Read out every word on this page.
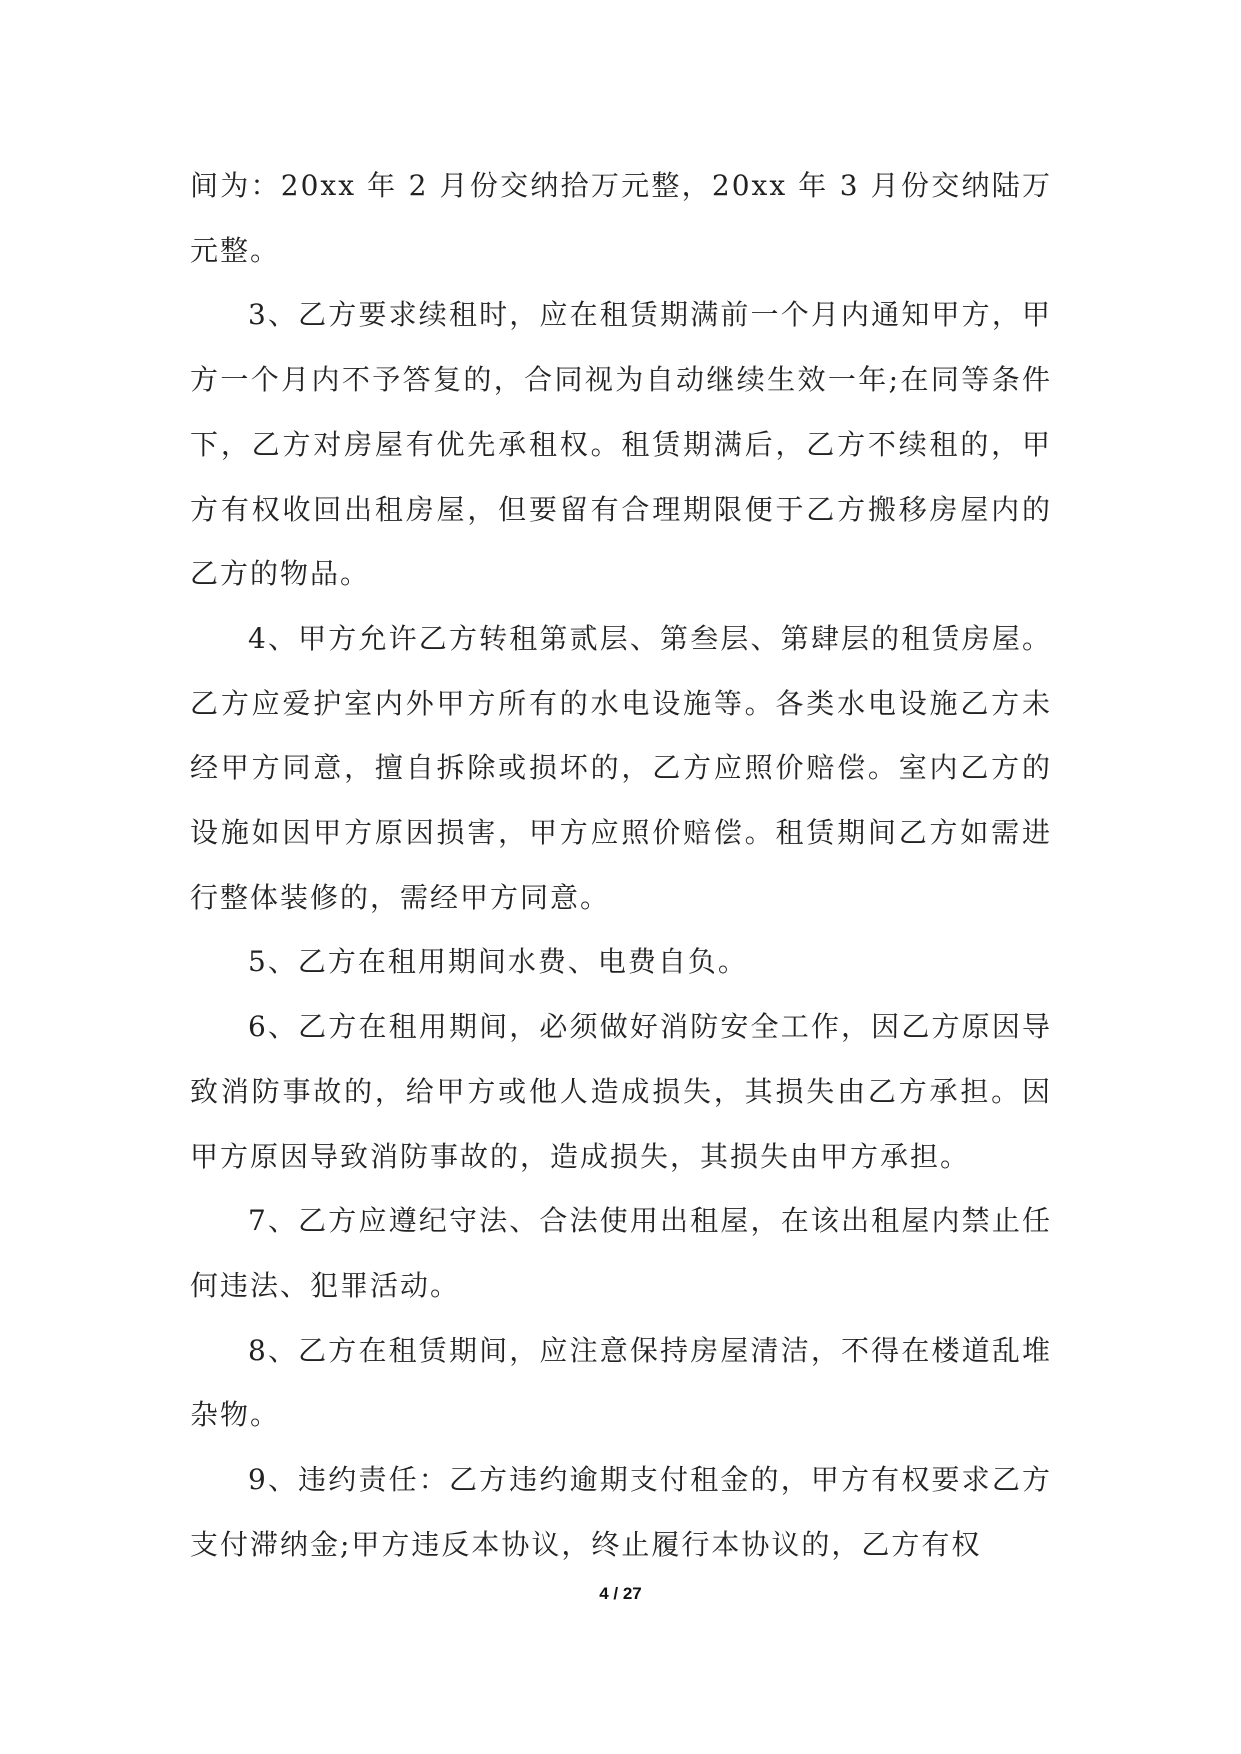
间为：20xx 年 2 月份交纳拾万元整，20xx 年 3 月份交纳陆万元整。

3、乙方要求续租时，应在租赁期满前一个月内通知甲方，甲方一个月内不予答复的，合同视为自动继续生效一年;在同等条件下，乙方对房屋有优先承租权。租赁期满后，乙方不续租的，甲方有权收回出租房屋，但要留有合理期限便于乙方搬移房屋内的乙方的物品。

4、甲方允许乙方转租第贰层、第叁层、第肆层的租赁房屋。乙方应爱护室内外甲方所有的水电设施等。各类水电设施乙方未经甲方同意，擅自拆除或损坏的，乙方应照价赔偿。室内乙方的设施如因甲方原因损害，甲方应照价赔偿。租赁期间乙方如需进行整体装修的，需经甲方同意。

5、乙方在租用期间水费、电费自负。

6、乙方在租用期间，必须做好消防安全工作，因乙方原因导致消防事故的，给甲方或他人造成损失，其损失由乙方承担。因甲方原因导致消防事故的，造成损失，其损失由甲方承担。

7、乙方应遵纪守法、合法使用出租屋，在该出租屋内禁止任何违法、犯罪活动。

8、乙方在租赁期间，应注意保持房屋清洁，不得在楼道乱堆杂物。

9、违约责任：乙方违约逾期支付租金的，甲方有权要求乙方支付滞纳金;甲方违反本协议，终止履行本协议的，乙方有权

4 / 27
